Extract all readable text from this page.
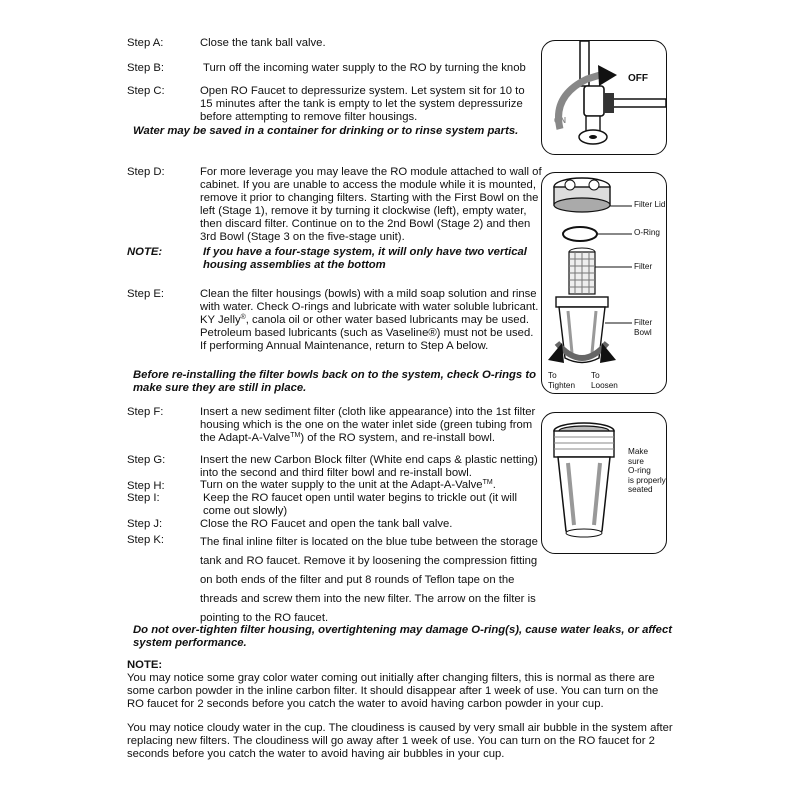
Step A:	Close the tank ball valve.
Step B:	Turn off the incoming water supply to the RO by turning the knob
Step C:	Open RO Faucet to depressurize system. Let system sit for 10 to
15 minutes after the tank is empty to let the system depressurize
before attempting to remove filter housings.
Water may be saved in a container for drinking or to rinse system parts.
Step D:	For more leverage you may leave the RO module attached to wall of
cabinet. If you are unable to access the module while it is mounted,
remove it prior to changing filters. Starting with the First Bowl on the
left (Stage 1), remove it by turning it clockwise (left), empty water,
then discard filter. Continue on to the 2nd Bowl (Stage 2) and then
3rd Bowl (Stage 3 on the five-stage unit).
NOTE:	If you have a four-stage system, it will only have two vertical
housing assemblies at the bottom
Step E:	Clean the filter housings (bowls) with a mild soap solution and rinse
with water. Check O-rings and lubricate with water soluble lubricant.
KY Jelly®, canola oil or other water based lubricants may be used.
Petroleum based lubricants (such as Vaseline®) must not be used.
If performing Annual Maintenance, return to Step A below.
Before re-installing the filter bowls back on to the system, check O-rings to
make sure they are still in place.
Step F:	Insert a new sediment filter (cloth like appearance) into the 1st filter
housing which is the one on the water inlet side (green tubing from
the Adapt-A-Valve™) of the RO system, and re-install bowl.
Step G:	Insert the new Carbon Block filter (White end caps & plastic netting)
into the second and third filter bowl and re-install bowl.
Step H:	Turn on the water supply to the unit at the Adapt-A-Valve™.
Step I:	Keep the RO faucet open until water begins to trickle out (it will
come out slowly)
Step J:	Close the RO Faucet and open the tank ball valve.
Step K:	The final inline filter is located on the blue tube between the storage
tank and RO faucet. Remove it by loosening the compression fitting
on both ends of the filter and put 8 rounds of Teflon tape on the
threads and screw them into the new filter. The arrow on the filter is
pointing to the RO faucet.
Do not over-tighten filter housing, overtightening may damage O-ring(s), cause water leaks, or affect
system performance.
NOTE:
You may notice some gray color water coming out initially after changing filters, this is normal as there are
some carbon powder in the inline carbon filter. It should disappear after 1 week of use. You can turn on the
RO faucet for 2 seconds before you catch the water to avoid having carbon powder in your cup.
You may notice cloudy water in the cup. The cloudiness is caused by very small air bubble in the system after
replacing new filters. The cloudiness will go away after 1 week of use. You can turn on the RO faucet for 2
seconds before you catch the water to avoid having air bubbles in your cup.
OFF
ON
Filter Lid
O-Ring
Filter
Filter Bowl
To
Tighten
To
Loosen
Make sure
O-ring
is properly
seated
